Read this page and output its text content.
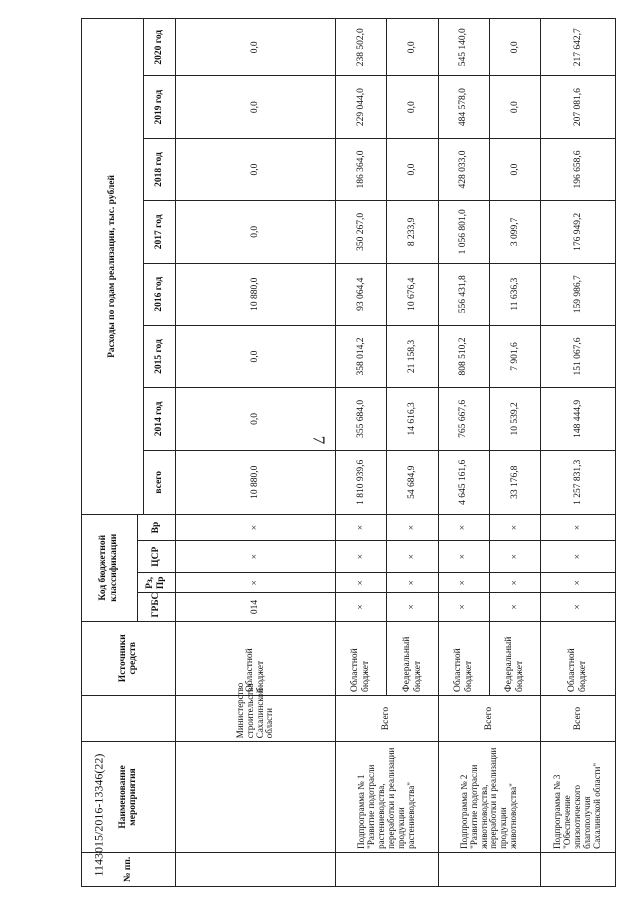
7
1143015/2016-13346(22) № пп.	Наименование мероприятия		Источники средств	Код бюджетной классификации				Расходы по годам реализации, тыс. рублей							
				ГРБС	Рз, Пр	ЦСР	Вр								
								всего	2014 год	2015 год	2016 год	2017 год	2018 год	2019 год	2020 год
		Министерство строительства Сахалинской области	Областной бюджет	014	×	×	×	10 880,0	0,0	0,0	10 880,0	0,0	0,0	0,0	0,0
	Подпрограмма № 1 "Развитие подотрасли растениеводства, переработки и реализации продукции растениеводства"	Всего	Областной бюджет	×	×	×	×	1 810 939,6	355 684,0	358 014,2	93 064,4	350 267,0	186 364,0	229 044,0	238 502,0
			Федеральный бюджет	×	×	×	×	54 684,9	14 616,3	21 158,3	10 676,4	8 233,9	0,0	0,0	0,0
	Подпрограмма № 2 "Развитие подотрасли животноводства, переработки и реализации продукции животноводства"	Всего	Областной бюджет	×	×	×	×	4 645 161,6	765 667,6	808 510,2	556 431,8	1 056 801,0	428 033,0	484 578,0	545 140,0
			Федеральный бюджет	×	×	×	×	33 176,8	10 539,2	7 901,6	11 636,3	3 099,7	0,0	0,0	0,0
	Подпрограмма № 3 "Обеспечение эпизоотического благополучия Сахалинской области"	Всего	Областной бюджет	×	×	×	×	1 257 831,3	148 444,9	151 067,6	159 986,7	176 949,2	196 658,6	207 081,6	217 642,7
